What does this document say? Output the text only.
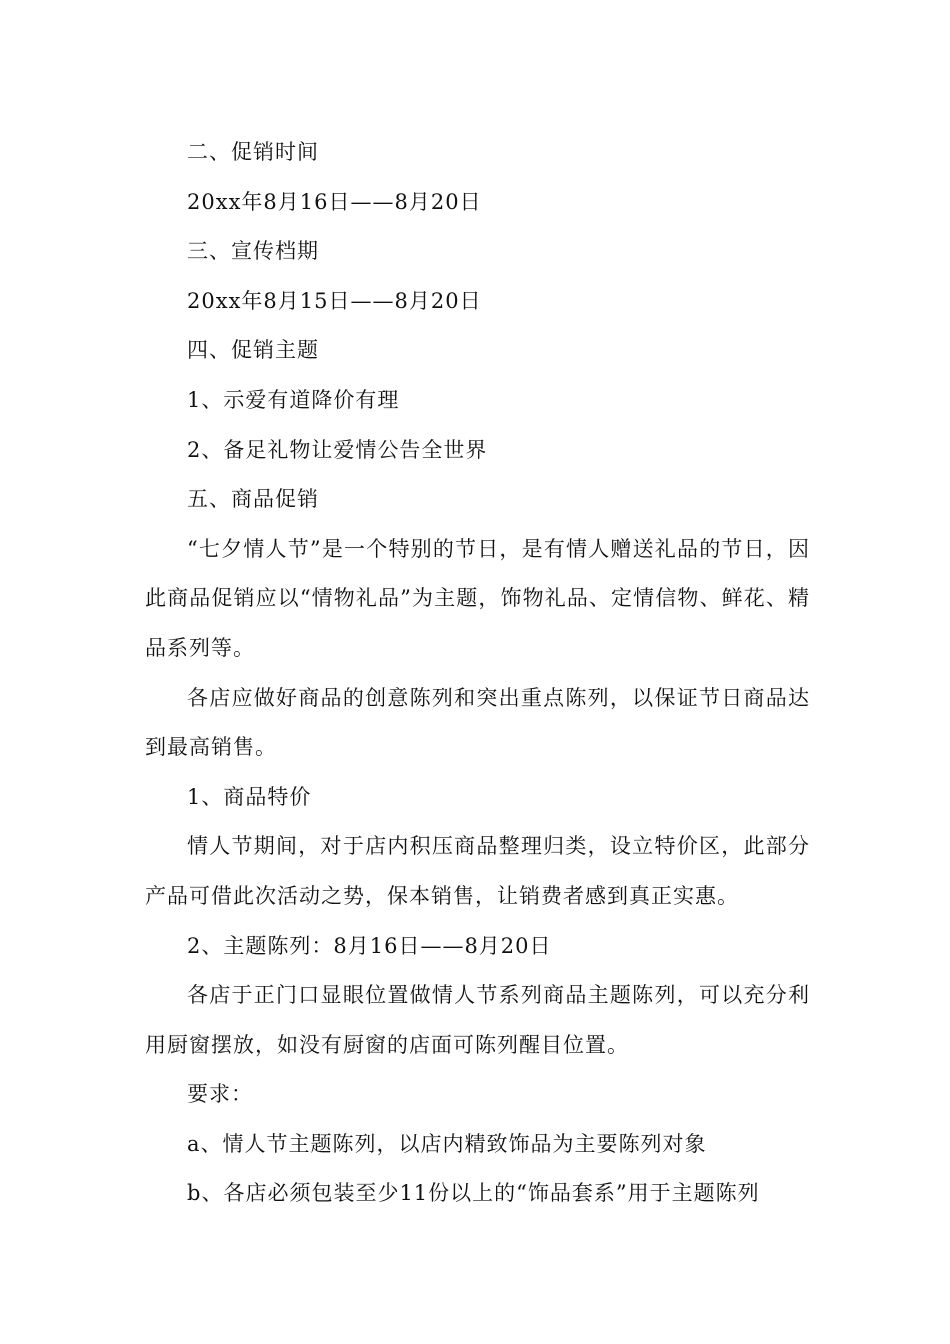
二、促销时间

20xx年8月16日——8月20日

三、宣传档期

20xx年8月15日——8月20日

四、促销主题

1、示爱有道降价有理

2、备足礼物让爱情公告全世界

五、商品促销

“七夕情人节”是一个特别的节日，是有情人赠送礼品的节日，因此商品促销应以“情物礼品”为主题，饰物礼品、定情信物、鲜花、精品系列等。

各店应做好商品的创意陈列和突出重点陈列，以保证节日商品达到最高销售。

1、商品特价

情人节期间，对于店内积压商品整理归类，设立特价区，此部分产品可借此次活动之势，保本销售，让销费者感到真正实惠。

2、主题陈列：8月16日——8月20日

各店于正门口显眼位置做情人节系列商品主题陈列，可以充分利用厨窗摆放，如没有厨窗的店面可陈列醒目位置。

要求：

a、情人节主题陈列，以店内精致饰品为主要陈列对象

b、各店必须包装至少11份以上的“饰品套系”用于主题陈列
